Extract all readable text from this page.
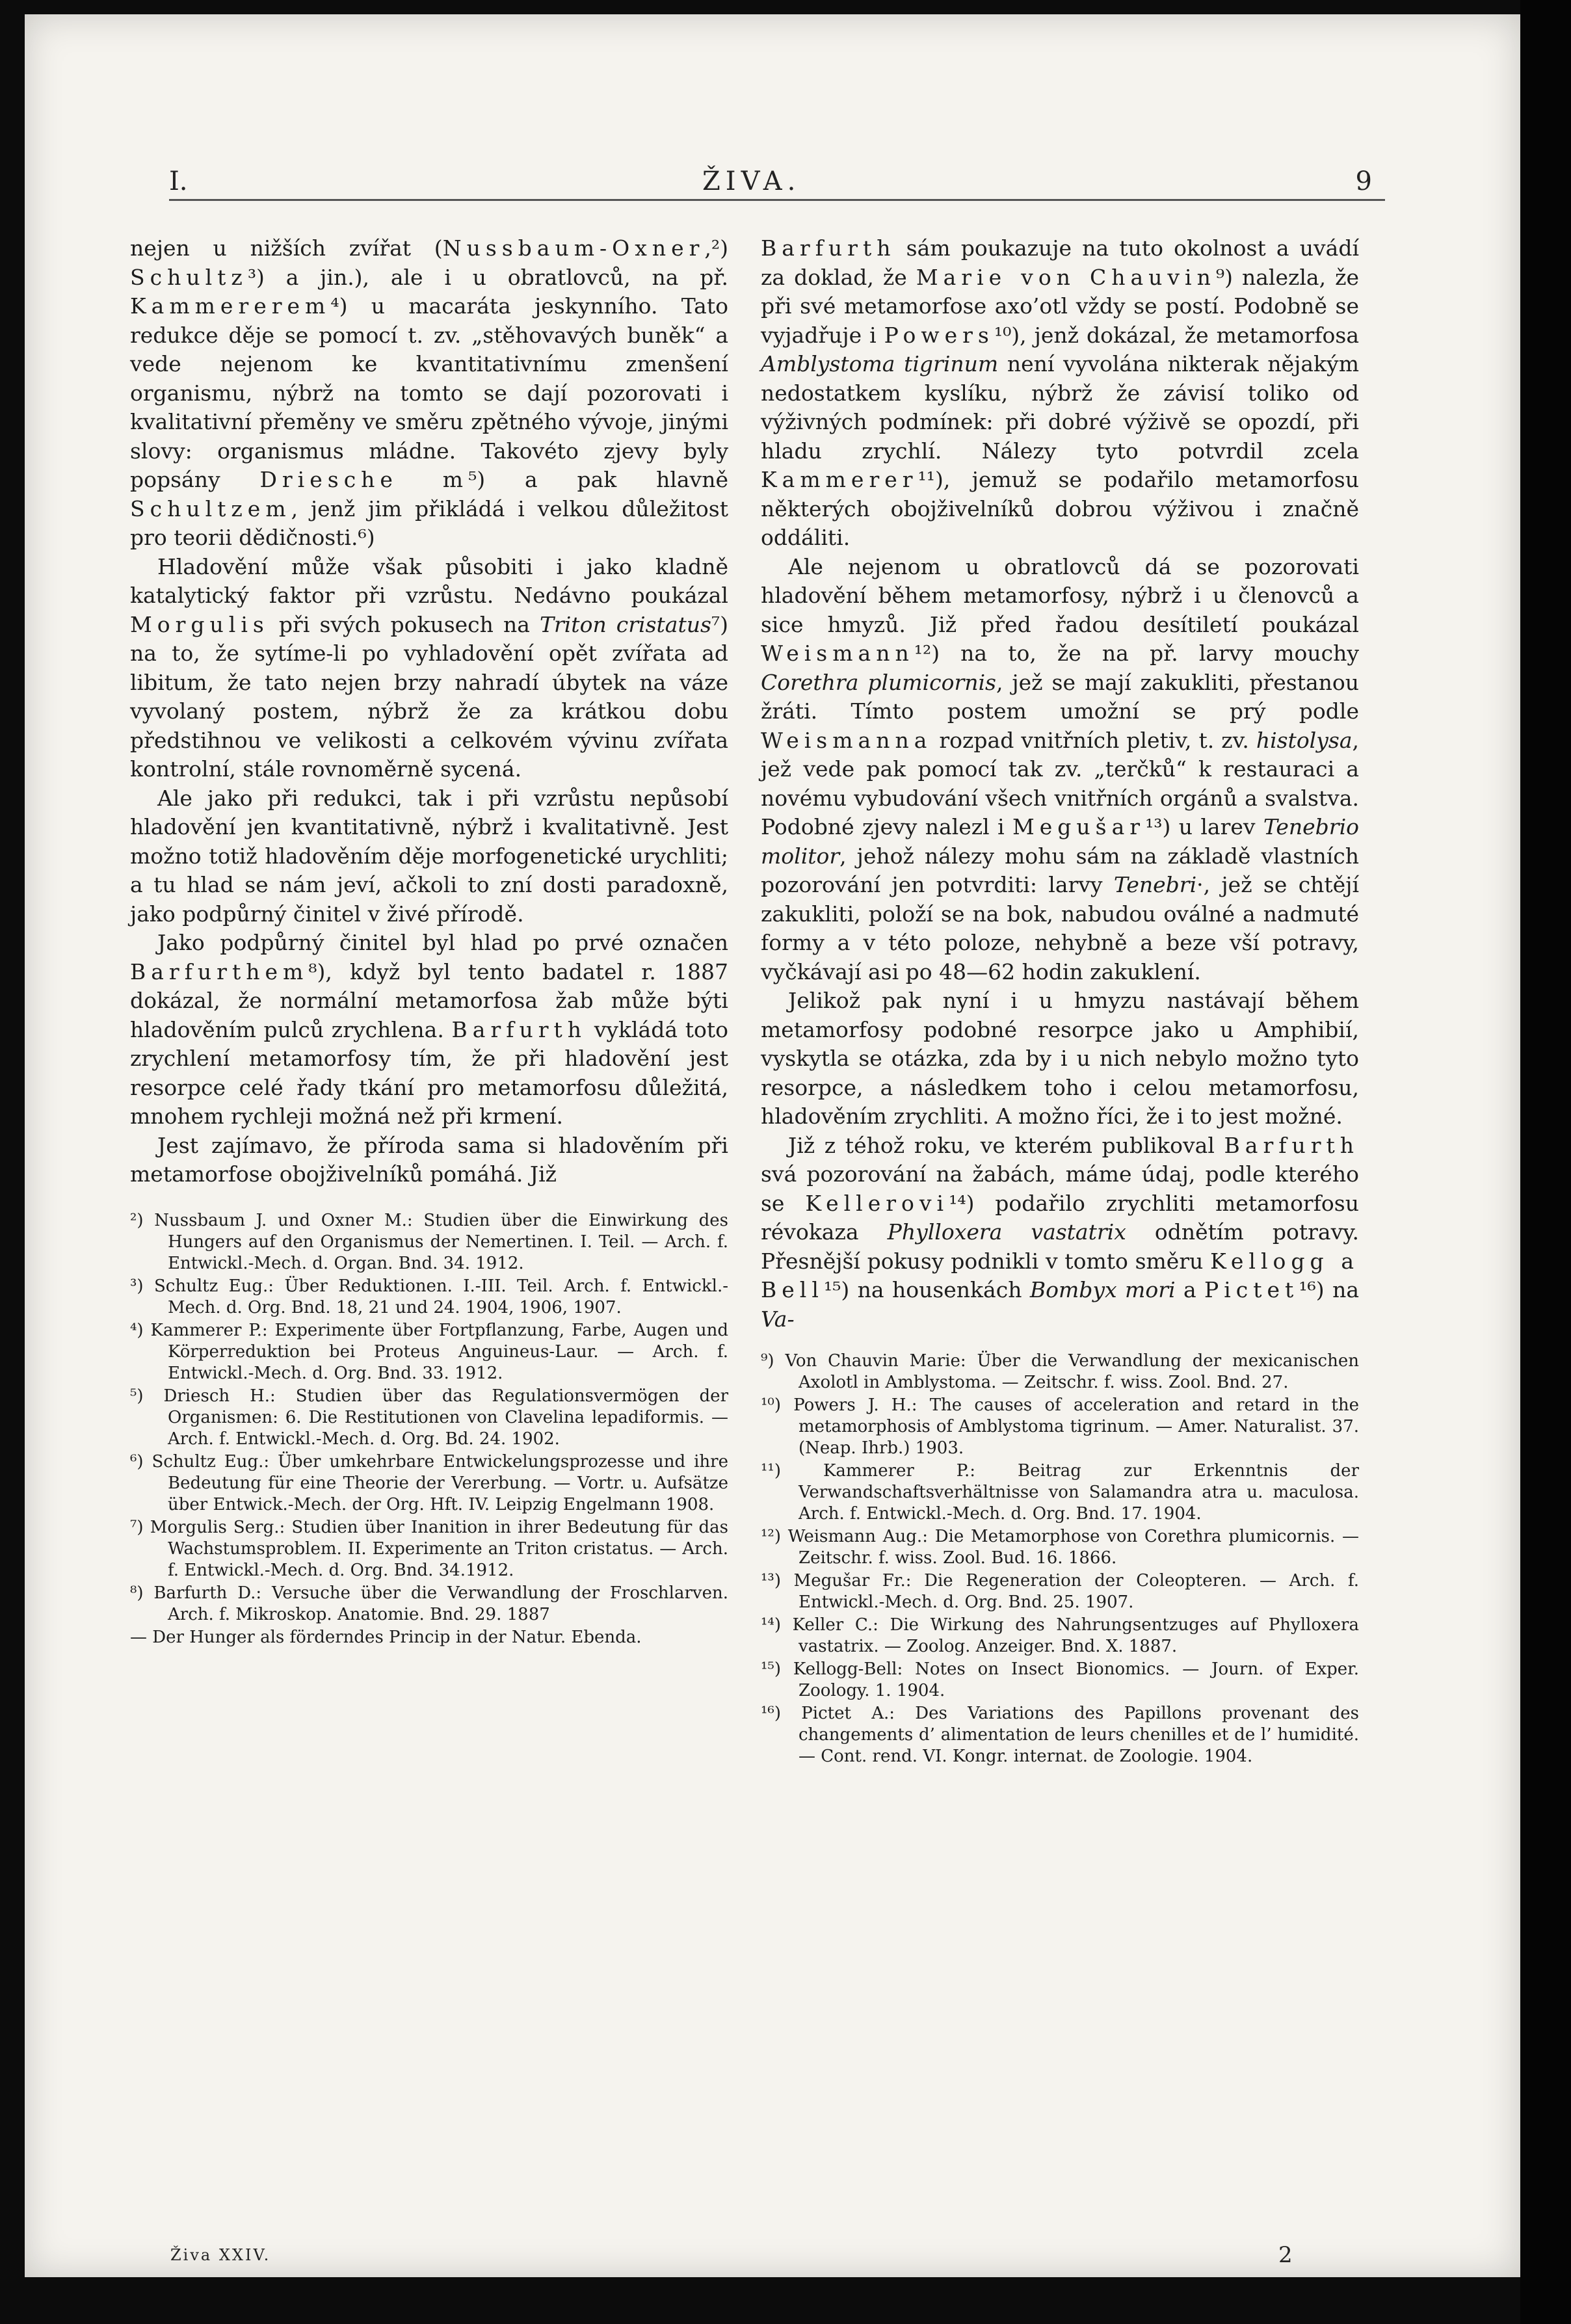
I.	ŽIVA.	9

nejen u nižších zvířat (Nussbaum-Oxner,²) Schultz³) a jin.), ale i u obratlovců, na př. Kammererem⁴) u macaráta jeskynního. Tato redukce děje se pomocí t. zv. „stěhovavých buněk“ a vede nejenom ke kvantitativnímu zmenšení organismu, nýbrž na tomto se dají pozorovati i kvalitativní přeměny ve směru zpětného vývoje, jinými slovy: organismus mládne. Takovéto zjevy byly popsány Driesche m⁵) a pak hlavně Schultzem, jenž jim přikládá i velkou důležitost pro teorii dědičnosti.⁶)

Hladovění může však působiti i jako kladně katalytický faktor při vzrůstu. Nedávno poukázal Morgulis při svých pokusech na Triton cristatus⁷) na to, že sytíme-li po vyhladovění opět zvířata ad libitum, že tato nejen brzy nahradí úbytek na váze vyvolaný postem, nýbrž že za krátkou dobu předstihnou ve velikosti a celkovém vývinu zvířata kontrolní, stále rovnoměrně sycená.

Ale jako při redukci, tak i při vzrůstu nepůsobí hladovění jen kvantitativně, nýbrž i kvalitativně. Jest možno totiž hladověním děje morfogenetické urychliti; a tu hlad se nám jeví, ačkoli to zní dosti paradoxně, jako podpůrný činitel v živé přírodě.

Jako podpůrný činitel byl hlad po prvé označen Barfurthem⁸), když byl tento badatel r. 1887 dokázal, že normální metamorfosa žab může býti hladověním pulců zrychlena. Barfurth vykládá toto zrychlení metamorfosy tím, že při hladovění jest resorpce celé řady tkání pro metamorfosu důležitá, mnohem rychleji možná než při krmení.

Jest zajímavo, že příroda sama si hladověním při metamorfose obojživelníků pomáhá. Již

²) Nussbaum J. und Oxner M.: Studien über die Einwirkung des Hungers auf den Organismus der Nemertinen. I. Teil. — Arch. f. Entwickl.-Mech. d. Organ. Bnd. 34. 1912.

³) Schultz Eug.: Über Reduktionen. I.-III. Teil. Arch. f. Entwickl.-Mech. d. Org. Bnd. 18, 21 und 24. 1904, 1906, 1907.

⁴) Kammerer P.: Experimente über Fortpflanzung, Farbe, Augen und Körperreduktion bei Proteus Anguineus-Laur. — Arch. f. Entwickl.-Mech. d. Org. Bnd. 33. 1912.

⁵) Driesch H.: Studien über das Regulationsvermögen der Organismen: 6. Die Restitutionen von Clavelina lepadiformis. — Arch. f. Entwickl.-Mech. d. Org. Bd. 24. 1902.

⁶) Schultz Eug.: Über umkehrbare Entwickelungsprozesse und ihre Bedeutung für eine Theorie der Vererbung. — Vortr. u. Aufsätze über Entwick.-Mech. der Org. Hft. IV. Leipzig Engelmann 1908.

⁷) Morgulis Serg.: Studien über Inanition in ihrer Bedeutung für das Wachstumsproblem. II. Experimente an Triton cristatus. — Arch. f. Entwickl.-Mech. d. Org. Bnd. 34.1912.

⁸) Barfurth D.: Versuche über die Verwandlung der Froschlarven. Arch. f. Mikroskop. Anatomie. Bnd. 29. 1887

— Der Hunger als förderndes Princip in der Natur. Ebenda.

Barfurth sám poukazuje na tuto okolnost a uvádí za doklad, že Marie von Chauvin⁹) nalezla, že při své metamorfose axo’otl vždy se postí. Podobně se vyjadřuje i Powers¹⁰), jenž dokázal, že metamorfosa Amblystoma tigrinum není vyvolána nikterak nějakým nedostatkem kyslíku, nýbrž že závisí toliko od výživných podmínek: při dobré výživě se opozdí, při hladu zrychlí. Nálezy tyto potvrdil zcela Kammerer¹¹), jemuž se podařilo metamorfosu některých obojživelníků dobrou výživou i značně oddáliti.

Ale nejenom u obratlovců dá se pozorovati hladovění během metamorfosy, nýbrž i u členovců a sice hmyzů. Již před řadou desítiletí poukázal Weismann¹²) na to, že na př. larvy mouchy Corethra plumicornis, jež se mají zakukliti, přestanou žráti. Tímto postem umožní se prý podle Weismanna rozpad vnitřních pletiv, t. zv. histolysa, jež vede pak pomocí tak zv. „terčků“ k restauraci a novému vybudování všech vnitřních orgánů a svalstva. Podobné zjevy nalezl i Megušar¹³) u larev Tenebrio molitor, jehož nálezy mohu sám na základě vlastních pozorování jen potvrditi: larvy Tenebri·, jež se chtějí zakukliti, položí se na bok, nabudou oválné a nadmuté formy a v této poloze, nehybně a beze vší potravy, vyčkávají asi po 48—62 hodin zakuklení.

Jelikož pak nyní i u hmyzu nastávají během metamorfosy podobné resorpce jako u Amphibií, vyskytla se otázka, zda by i u nich nebylo možno tyto resorpce, a následkem toho i celou metamorfosu, hladověním zrychliti. A možno říci, že i to jest možné.

Již z téhož roku, ve kterém publikoval Barfurth svá pozorování na žabách, máme údaj, podle kterého se Kellerovi¹⁴) podařilo zrychliti metamorfosu révokaza Phylloxera vastatrix odnětím potravy. Přesnější pokusy podnikli v tomto směru Kellogg a Bell¹⁵) na housenkách Bombyx mori a Pictet¹⁶) na Va-

⁹) Von Chauvin Marie: Über die Verwandlung der mexicanischen Axolotl in Amblystoma. — Zeitschr. f. wiss. Zool. Bnd. 27.

¹⁰) Powers J. H.: The causes of acceleration and retard in the metamorphosis of Amblystoma tigrinum. — Amer. Naturalist. 37. (Neap. Ihrb.) 1903.

¹¹) Kammerer P.: Beitrag zur Erkenntnis der Verwandschaftsverhältnisse von Salamandra atra u. maculosa. Arch. f. Entwickl.-Mech. d. Org. Bnd. 17. 1904.

¹²) Weismann Aug.: Die Metamorphose von Corethra plumicornis. — Zeitschr. f. wiss. Zool. Bud. 16. 1866.

¹³) Megušar Fr.: Die Regeneration der Coleopteren. — Arch. f. Entwickl.-Mech. d. Org. Bnd. 25. 1907.

¹⁴) Keller C.: Die Wirkung des Nahrungsentzuges auf Phylloxera vastatrix. — Zoolog. Anzeiger. Bnd. X. 1887.

¹⁵) Kellogg-Bell: Notes on Insect Bionomics. — Journ. of Exper. Zoology. 1. 1904.

¹⁶) Pictet A.: Des Variations des Papillons provenant des changements d’ alimentation de leurs chenilles et de l’ humidité. — Cont. rend. VI. Kongr. internat. de Zoologie. 1904.

Živa XXIV.	2
